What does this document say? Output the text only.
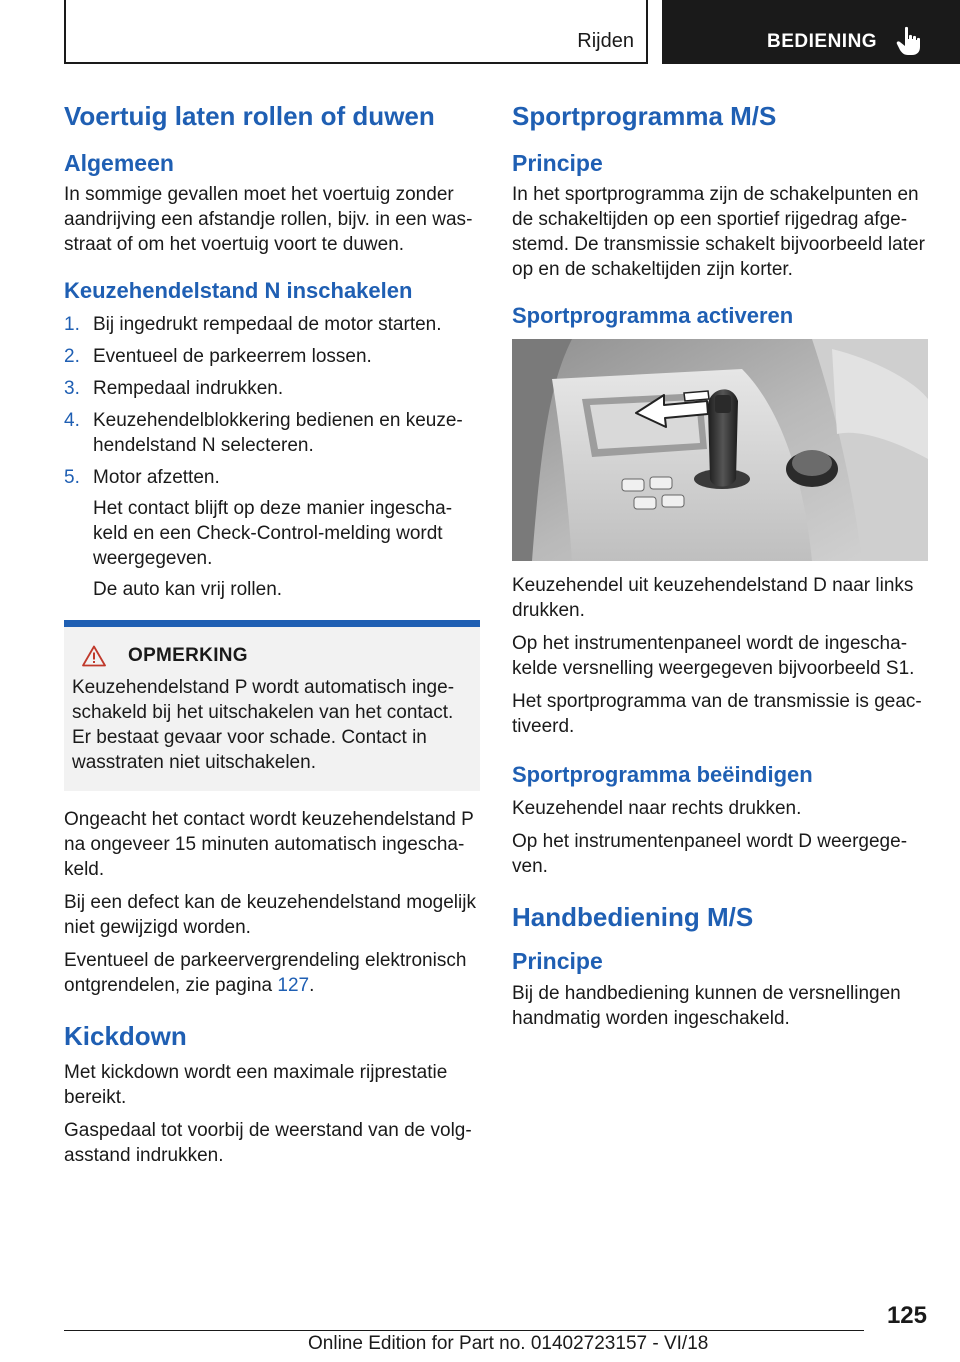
Rijden	BEDIENING
Voertuig laten rollen of duwen
Algemeen

In sommige gevallen moet het voertuig zonder aandrijving een afstandje rollen, bijv. in een wasstraat of om het voertuig voort te duwen.

Keuzehendelstand N inschakelen
1. Bij ingedrukt rempedaal de motor starten.
2. Eventueel de parkeerrem lossen.
3. Rempedaal indrukken.
4. Keuzehendelblokkering bedienen en keuzehendelstand N selecteren.
5. Motor afzetten.
Het contact blijft op deze manier ingeschakeld en een Check-Control-melding wordt weergegeven.
De auto kan vrij rollen.
OPMERKING

Keuzehendelstand P wordt automatisch ingeschakeld bij het uitschakelen van het contact. Er bestaat gevaar voor schade. Contact in wasstraten niet uitschakelen.

Ongeacht het contact wordt keuzehendelstand P na ongeveer 15 minuten automatisch ingeschakeld.

Bij een defect kan de keuzehendelstand mogelijk niet gewijzigd worden.

Eventueel de parkeervergrendeling elektronisch ontgrendelen, zie pagina 127.

Kickdown

Met kickdown wordt een maximale rijprestatie bereikt.

Gaspedaal tot voorbij de weerstand van de volgasstand indrukken.

Sportprogramma M/S
Principe

In het sportprogramma zijn de schakelpunten en de schakeltijden op een sportief rijgedrag afgestemd. De transmissie schakelt bijvoorbeeld later op en de schakeltijden zijn korter.

Sportprogramma activeren

Keuzehendel uit keuzehendelstand D naar links drukken.

Op het instrumentenpaneel wordt de ingeschakelde versnelling weergegeven bijvoorbeeld S1.

Het sportprogramma van de transmissie is geactiveerd.

Sportprogramma beëindigen

Keuzehendel naar rechts drukken.

Op het instrumentenpaneel wordt D weergegeven.

Handbediening M/S
Principe

Bij de handbediening kunnen de versnellingen handmatig worden ingeschakeld.

125
Online Edition for Part no. 01402723157 - VI/18
